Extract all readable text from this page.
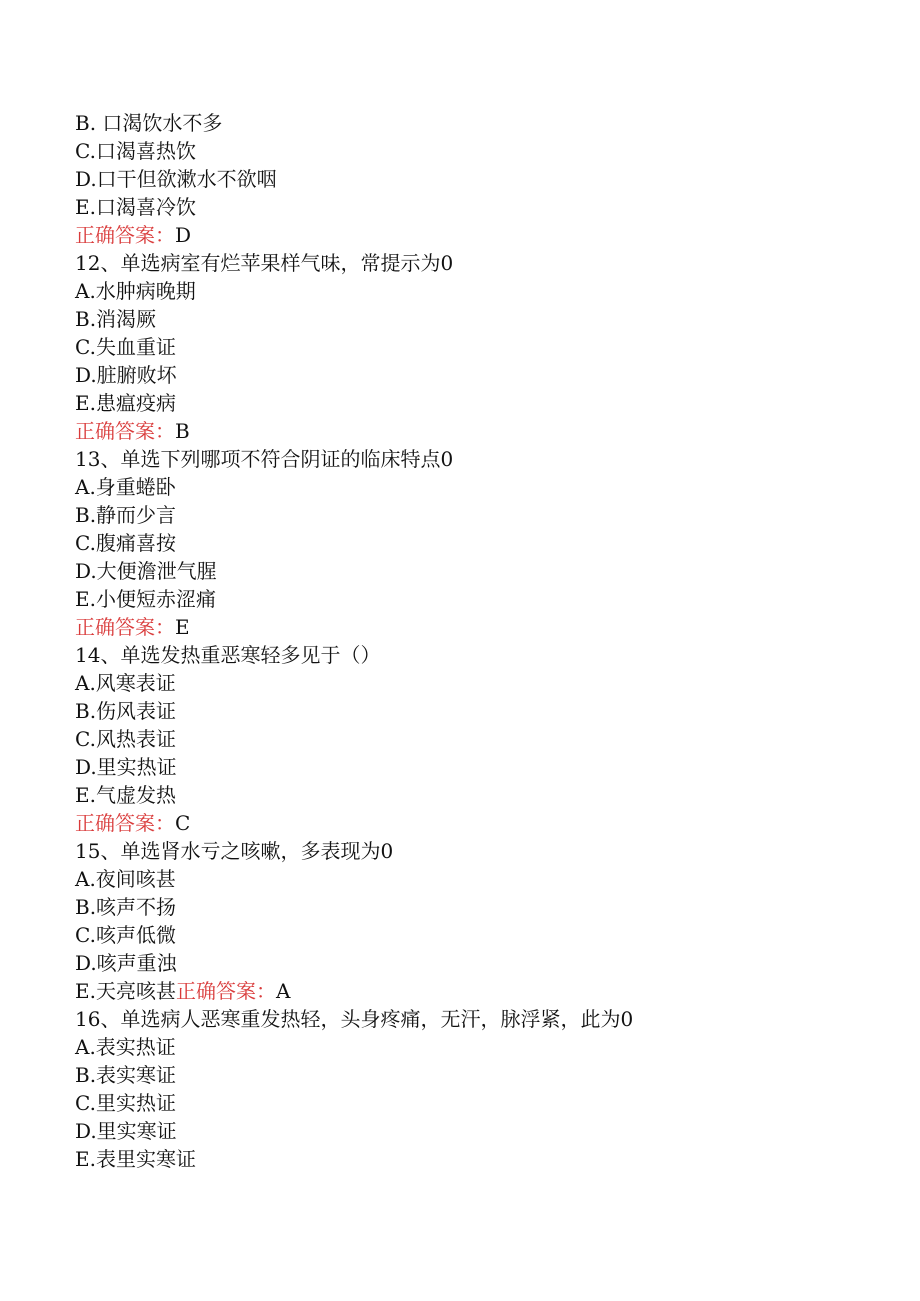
B. 口渴饮水不多
C.口渴喜热饮
D.口干但欲漱水不欲咽
E.口渴喜冷饮
正确答案：D
12、单选病室有烂苹果样气味，常提示为0
A.水肿病晚期
B.消渴厥
C.失血重证
D.脏腑败坏
E.患瘟疫病
正确答案：B
13、单选下列哪项不符合阴证的临床特点0
A.身重蜷卧
B.静而少言
C.腹痛喜按
D.大便澹泄气腥
E.小便短赤涩痛
正确答案：E
14、单选发热重恶寒轻多见于（）
A.风寒表证
B.伤风表证
C.风热表证
D.里实热证
E.气虚发热
正确答案：C
15、单选肾水亏之咳嗽，多表现为0
A.夜间咳甚
B.咳声不扬
C.咳声低微
D.咳声重浊
E.天亮咳甚正确答案：A
16、单选病人恶寒重发热轻，头身疼痛，无汗，脉浮紧，此为0
A.表实热证
B.表实寒证
C.里实热证
D.里实寒证
E.表里实寒证
